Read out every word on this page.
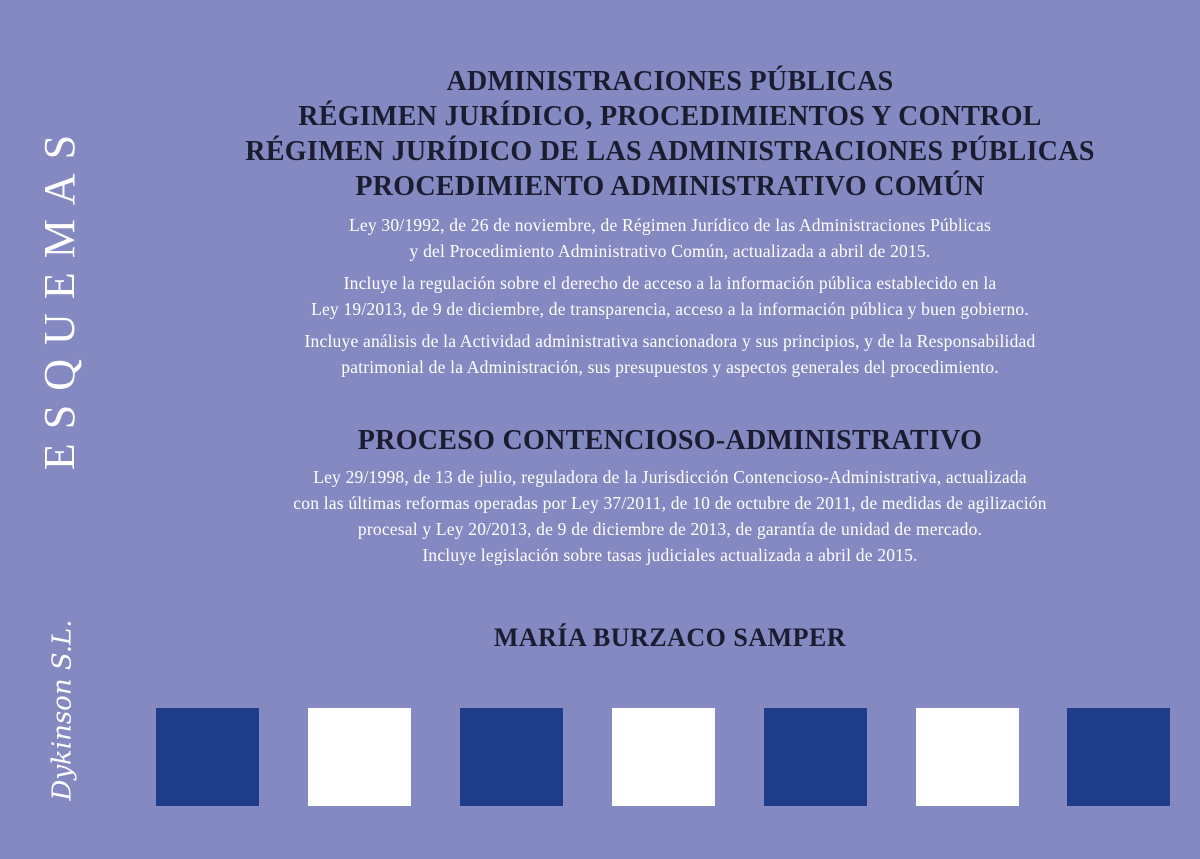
ESQUEMAS
Dykinson S.L.

ADMINISTRACIONES PÚBLICAS

RÉGIMEN JURÍDICO, PROCEDIMIENTOS Y CONTROL

RÉGIMEN JURÍDICO DE LAS ADMINISTRACIONES PÚBLICAS

PROCEDIMIENTO ADMINISTRATIVO COMÚN

Ley 30/1992, de 26 de noviembre, de Régimen Jurídico de las Administraciones Públicas

y del Procedimiento Administrativo Común, actualizada a abril de 2015.

Incluye la regulación sobre el derecho de acceso a la información pública establecido en la

Ley 19/2013, de 9 de diciembre, de transparencia, acceso a la información pública y buen gobierno.

Incluye análisis de la Actividad administrativa sancionadora y sus principios, y de la Responsabilidad

patrimonial de la Administración, sus presupuestos y aspectos generales del procedimiento.

PROCESO CONTENCIOSO-ADMINISTRATIVO

Ley 29/1998, de 13 de julio, reguladora de la Jurisdicción Contencioso-Administrativa, actualizada

con las últimas reformas operadas por Ley 37/2011, de 10 de octubre de 2011, de medidas de agilización

procesal y Ley 20/2013, de 9 de diciembre de 2013, de garantía de unidad de mercado.

Incluye legislación sobre tasas judiciales actualizada a abril de 2015.

MARÍA BURZACO SAMPER
